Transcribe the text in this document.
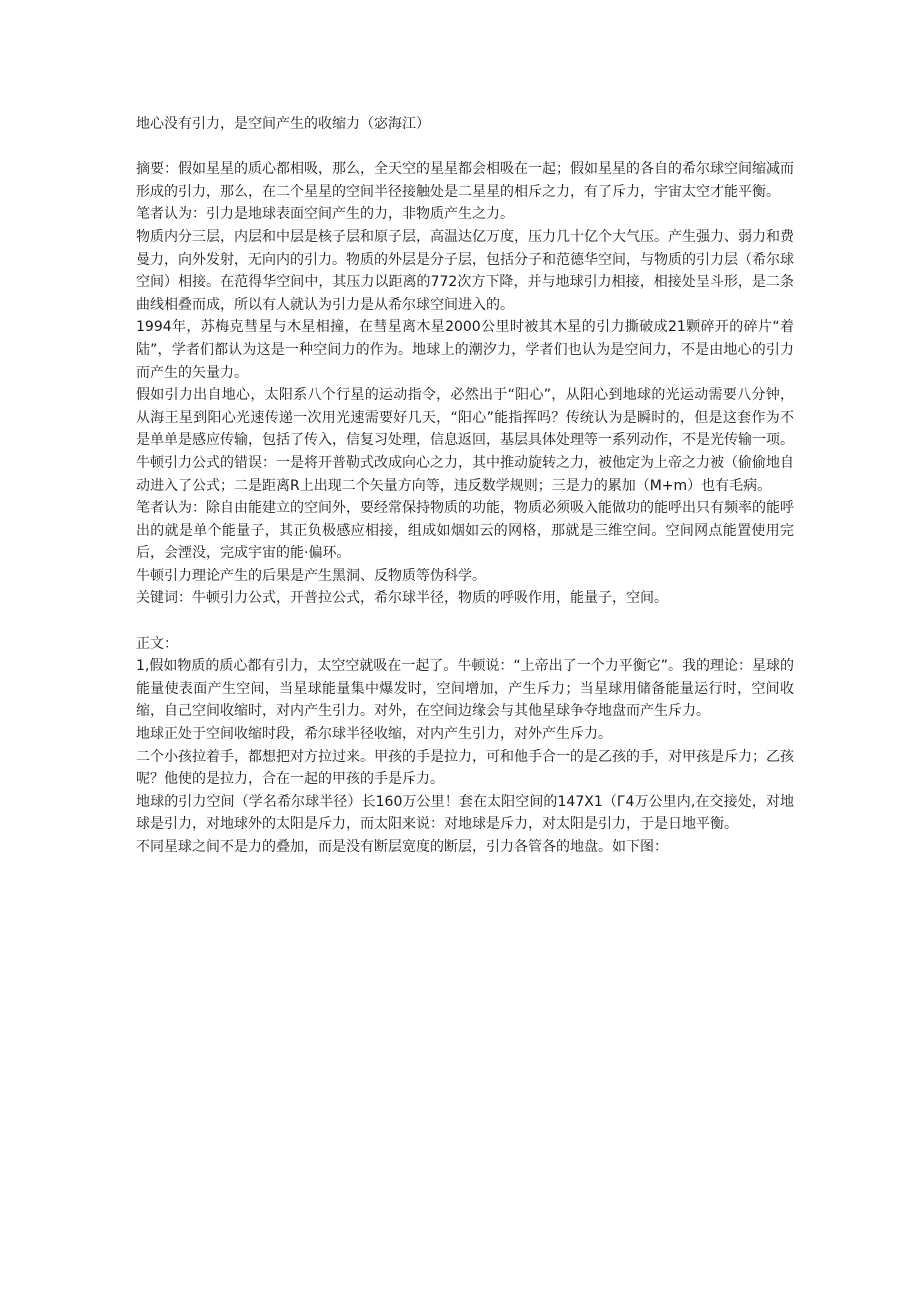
地心没有引力，是空间产生的收缩力（宓海江）

摘要：假如星星的质心都相吸，那么，全天空的星星都会相吸在一起；假如星星的各自的希尔球空间缩减而形成的引力，那么，在二个星星的空间半径接触处是二星星的相斥之力，有了斥力，宇宙太空才能平衡。

笔者认为：引力是地球表面空间产生的力，非物质产生之力。

物质内分三层，内层和中层是核子层和原子层，高温达亿万度，压力几十亿个大气压。产生强力、弱力和费曼力，向外发射，无向内的引力。物质的外层是分子层，包括分子和范德华空间，与物质的引力层（希尔球空间）相接。在范得华空间中，其压力以距离的772次方下降，并与地球引力相接，相接处呈斗形，是二条曲线相叠而成，所以有人就认为引力是从希尔球空间进入的。

1994年，苏梅克彗星与木星相撞，在彗星离木星2000公里时被其木星的引力撕破成21颗碎开的碎片“着陆”，学者们都认为这是一种空间力的作为。地球上的潮汐力，学者们也认为是空间力，不是由地心的引力而产生的矢量力。

假如引力出自地心，太阳系八个行星的运动指令，必然出于“阳心”，从阳心到地球的光运动需要八分钟，从海王星到阳心光速传递一次用光速需要好几天，“阳心”能指挥吗？传统认为是瞬时的，但是这套作为不是单单是感应传输，包括了传入，信复习处理，信息返回，基层具体处理等一系列动作，不是光传输一项。

牛顿引力公式的错误：一是将开普勒式改成向心之力，其中推动旋转之力，被他定为上帝之力被（偷偷地自动进入了公式；二是距离R上出现二个矢量方向等，违反数学规则；三是力的累加（M+m）也有毛病。

笔者认为：除自由能建立的空间外，要经常保持物质的功能，物质必须吸入能做功的能呼出只有频率的能呼出的就是单个能量子，其正负极感应相接，组成如烟如云的网格，那就是三维空间。空间网点能置使用完后，会湮没，完成宇宙的能·偏环。

牛顿引力理论产生的后果是产生黑洞、反物质等伪科学。

关键词：牛顿引力公式，开普拉公式，希尔球半径，物质的呼吸作用，能量子，空间。

正文：

1,假如物质的质心都有引力，太空空就吸在一起了。牛顿说：“上帝出了一个力平衡它”。我的理论：星球的能量使表面产生空间，当星球能量集中爆发时，空间增加，产生斥力；当星球用储备能量运行时，空间收缩，自己空间收缩时，对内产生引力。对外，在空间边缘会与其他星球争夺地盘而产生斥力。

地球正处于空间收缩时段，希尔球半径收缩，对内产生引力，对外产生斥力。

二个小孩拉着手，都想把对方拉过来。甲孩的手是拉力，可和他手合一的是乙孩的手，对甲孩是斥力；乙孩呢？他使的是拉力，合在一起的甲孩的手是斥力。

地球的引力空间（学名希尔球半径）长160万公里！套在太阳空间的147X1（Г4万公里内,在交接处，对地球是引力，对地球外的太阳是斥力，而太阳来说：对地球是斥力，对太阳是引力，于是日地平衡。

不同星球之间不是力的叠加，而是没有断层宽度的断层，引力各管各的地盘。如下图：
